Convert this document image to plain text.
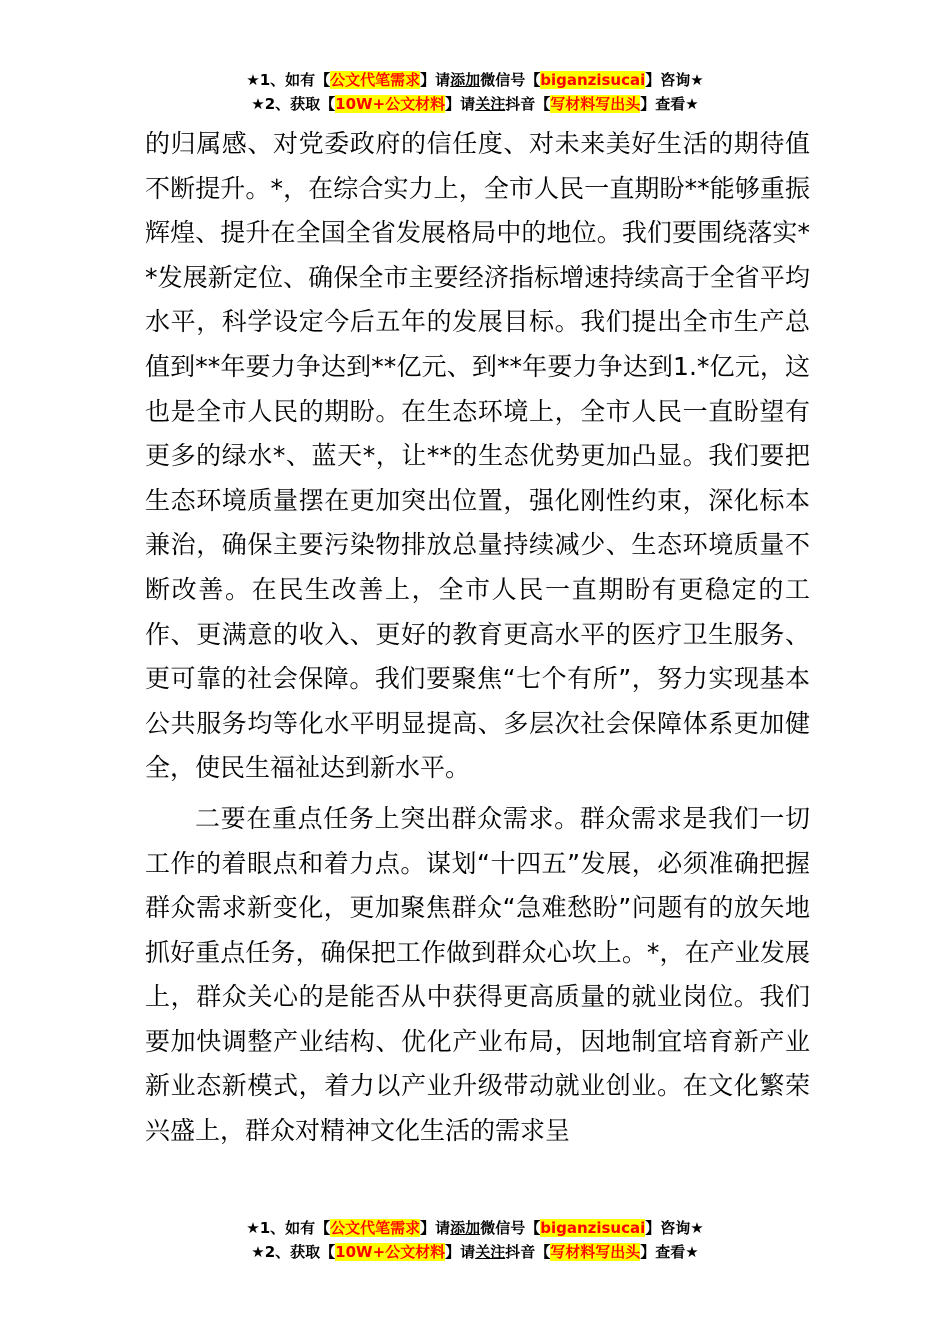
★1、如有【公文代笔需求】请添加微信号【biganzisucai】咨询★
★2、获取【10W+公文材料】请关注抖音【写材料写出头】查看★

的归属感、对党委政府的信任度、对未来美好生活的期待值不断提升。*，在综合实力上，全市人民一直期盼**能够重振辉煌、提升在全国全省发展格局中的地位。我们要围绕落实**发展新定位、确保全市主要经济指标增速持续高于全省平均水平，科学设定今后五年的发展目标。我们提出全市生产总值到**年要力争达到**亿元、到**年要力争达到1.*亿元，这也是全市人民的期盼。在生态环境上，全市人民一直盼望有更多的绿水*、蓝天*，让**的生态优势更加凸显。我们要把生态环境质量摆在更加突出位置，强化刚性约束，深化标本兼治，确保主要污染物排放总量持续减少、生态环境质量不断改善。在民生改善上，全市人民一直期盼有更稳定的工作、更满意的收入、更好的教育更高水平的医疗卫生服务、更可靠的社会保障。我们要聚焦“七个有所”，努力实现基本公共服务均等化水平明显提高、多层次社会保障体系更加健全，使民生福祉达到新水平。

二要在重点任务上突出群众需求。群众需求是我们一切工作的着眼点和着力点。谋划“十四五”发展，必须准确把握群众需求新变化，更加聚焦群众“急难愁盼”问题有的放矢地抓好重点任务，确保把工作做到群众心坎上。*，在产业发展上，群众关心的是能否从中获得更高质量的就业岗位。我们要加快调整产业结构、优化产业布局，因地制宜培育新产业新业态新模式，着力以产业升级带动就业创业。在文化繁荣兴盛上，群众对精神文化生活的需求呈

★1、如有【公文代笔需求】请添加微信号【biganzisucai】咨询★
★2、获取【10W+公文材料】请关注抖音【写材料写出头】查看★
